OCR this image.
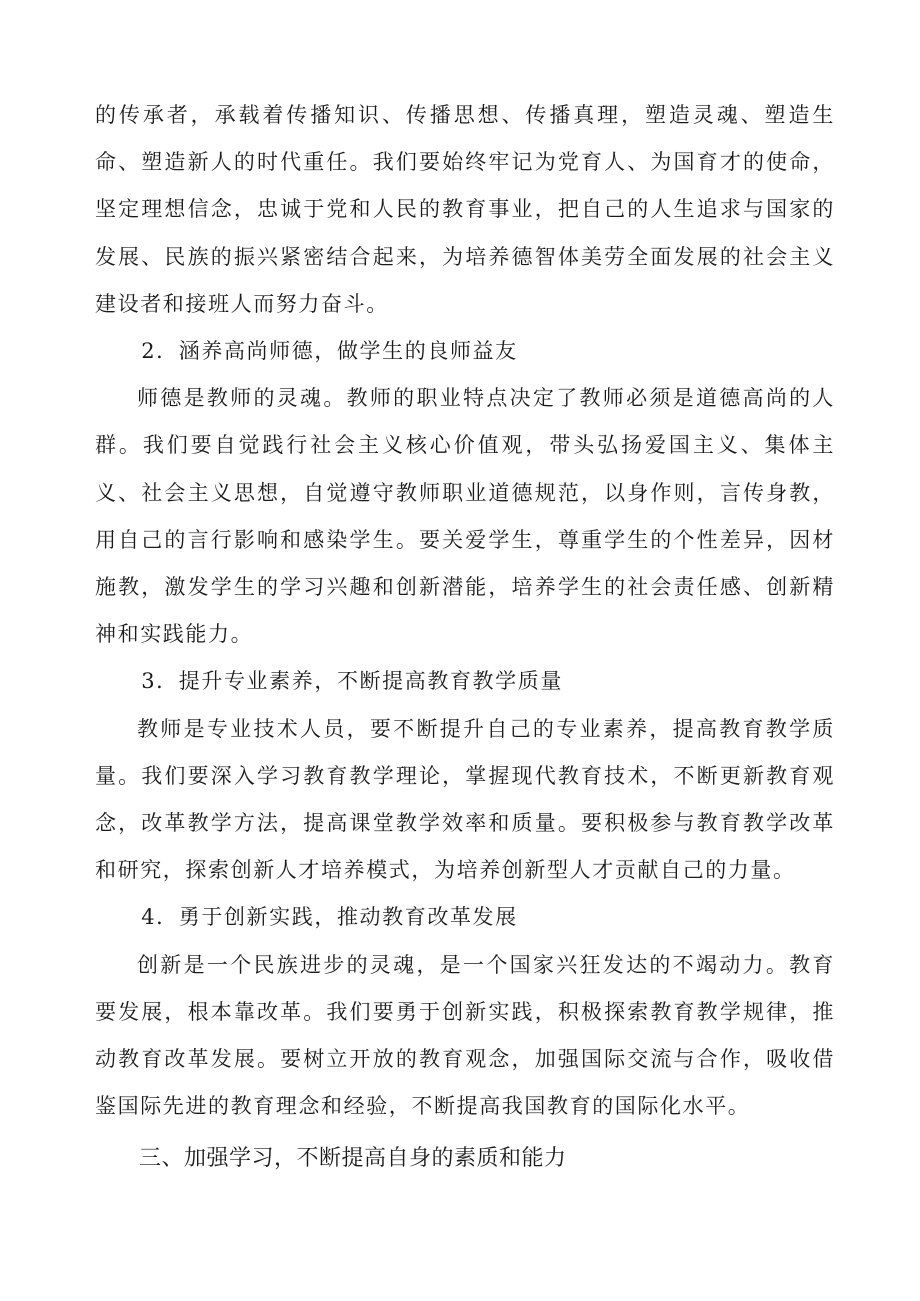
的传承者，承载着传播知识、传播思想、传播真理，塑造灵魂、塑造生命、塑造新人的时代重任。我们要始终牢记为党育人、为国育才的使命，坚定理想信念，忠诚于党和人民的教育事业，把自己的人生追求与国家的发展、民族的振兴紧密结合起来，为培养德智体美劳全面发展的社会主义建设者和接班人而努力奋斗。

2．涵养高尚师德，做学生的良师益友

师德是教师的灵魂。教师的职业特点决定了教师必须是道德高尚的人群。我们要自觉践行社会主义核心价值观，带头弘扬爱国主义、集体主义、社会主义思想，自觉遵守教师职业道德规范，以身作则，言传身教，用自己的言行影响和感染学生。要关爱学生，尊重学生的个性差异，因材施教，激发学生的学习兴趣和创新潜能，培养学生的社会责任感、创新精神和实践能力。

3．提升专业素养，不断提高教育教学质量

教师是专业技术人员，要不断提升自己的专业素养，提高教育教学质量。我们要深入学习教育教学理论，掌握现代教育技术，不断更新教育观念，改革教学方法，提高课堂教学效率和质量。要积极参与教育教学改革和研究，探索创新人才培养模式，为培养创新型人才贡献自己的力量。

4．勇于创新实践，推动教育改革发展

创新是一个民族进步的灵魂，是一个国家兴狂发达的不竭动力。教育要发展，根本靠改革。我们要勇于创新实践，积极探索教育教学规律，推动教育改革发展。要树立开放的教育观念，加强国际交流与合作，吸收借鉴国际先进的教育理念和经验，不断提高我国教育的国际化水平。

三、加强学习，不断提高自身的素质和能力
